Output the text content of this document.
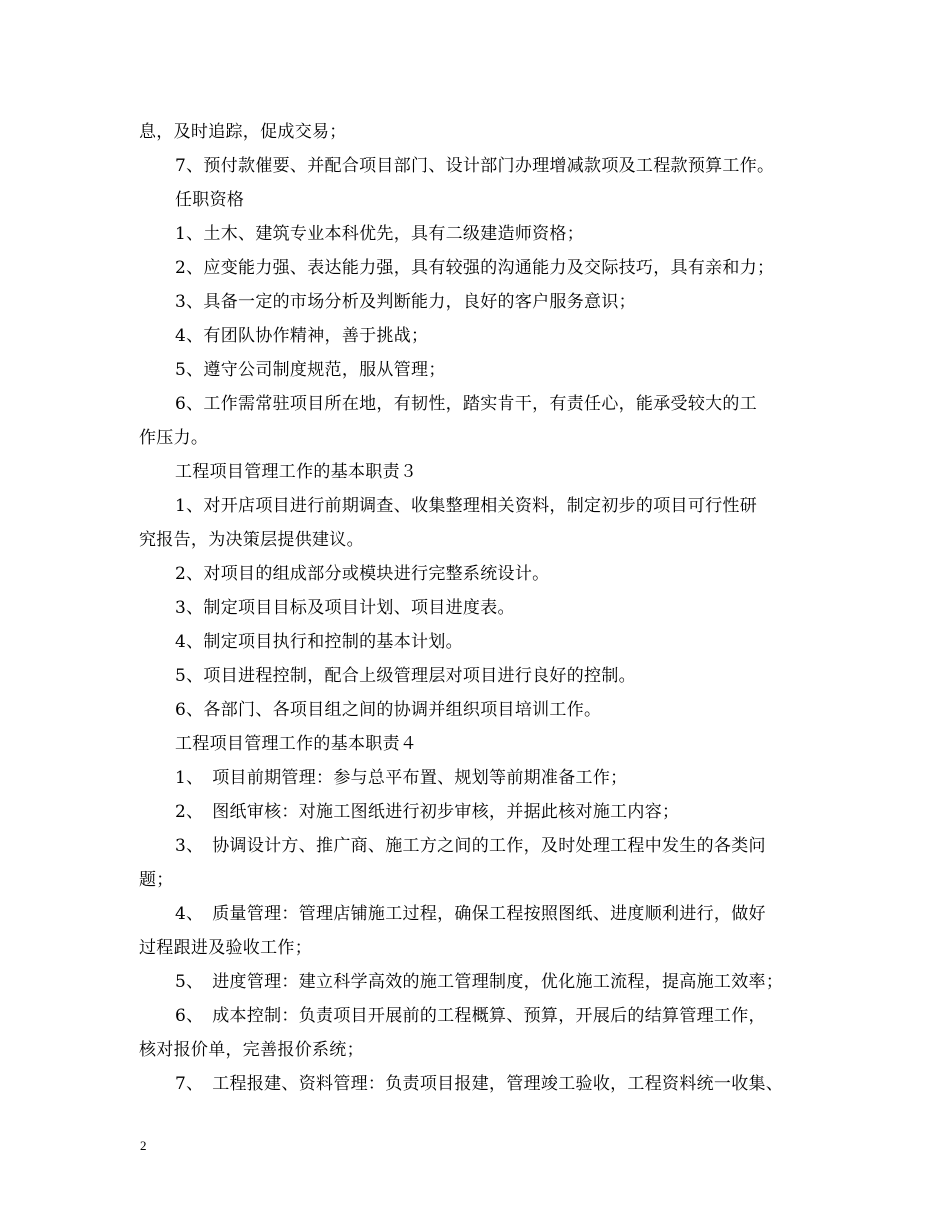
息，及时追踪，促成交易；
7、预付款催要、并配合项目部门、设计部门办理增减款项及工程款预算工作。
任职资格
1、土木、建筑专业本科优先，具有二级建造师资格；
2、应变能力强、表达能力强，具有较强的沟通能力及交际技巧，具有亲和力；
3、具备一定的市场分析及判断能力，良好的客户服务意识；
4、有团队协作精神，善于挑战；
5、遵守公司制度规范，服从管理；
6、工作需常驻项目所在地，有韧性，踏实肯干，有责任心，能承受较大的工
作压力。
工程项目管理工作的基本职责３
1、对开店项目进行前期调查、收集整理相关资料，制定初步的项目可行性研
究报告，为决策层提供建议。
2、对项目的组成部分或模块进行完整系统设计。
3、制定项目目标及项目计划、项目进度表。
4、制定项目执行和控制的基本计划。
5、项目进程控制，配合上级管理层对项目进行良好的控制。
6、各部门、各项目组之间的协调并组织项目培训工作。
工程项目管理工作的基本职责４
1、　项目前期管理：参与总平布置、规划等前期准备工作；
2、　图纸审核：对施工图纸进行初步审核，并据此核对施工内容；
3、　协调设计方、推广商、施工方之间的工作，及时处理工程中发生的各类问
题；
4、　质量管理：管理店铺施工过程，确保工程按照图纸、进度顺利进行，做好
过程跟进及验收工作；
5、　进度管理：建立科学高效的施工管理制度，优化施工流程，提高施工效率；
6、　成本控制：负责项目开展前的工程概算、预算，开展后的结算管理工作，
核对报价单，完善报价系统；
7、　工程报建、资料管理：负责项目报建，管理竣工验收，工程资料统一收集、
2
